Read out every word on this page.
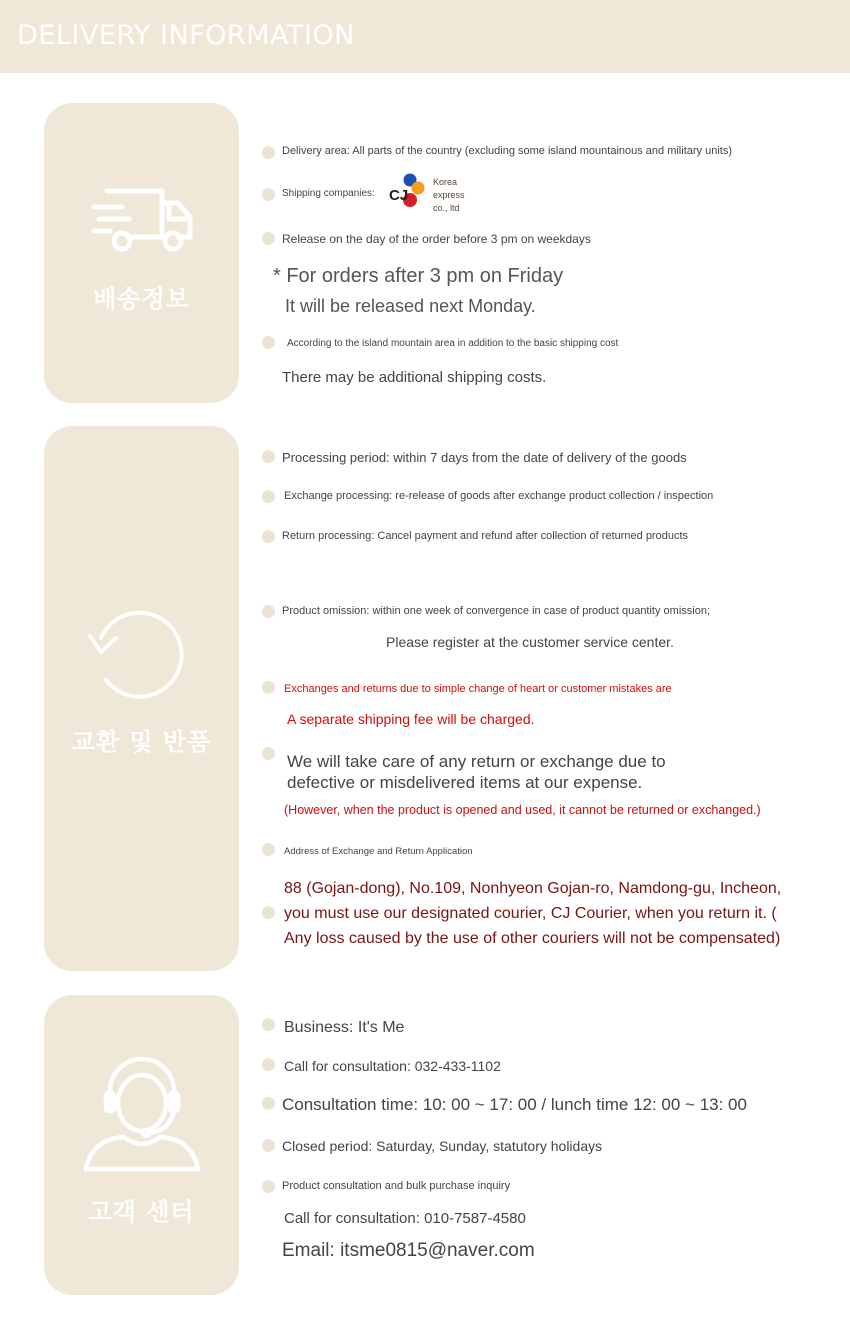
DELIVERY INFORMATION
배송정보
Delivery area: All parts of the country (excluding some island mountainous and military units)
Shipping companies: CJ
Korea
express
co., ltd
Release on the day of the order before 3 pm on weekdays
* For orders after 3 pm on Friday
It will be released next Monday.
According to the island mountain area in addition to the basic shipping cost
There may be additional shipping costs.
교환 및 반품
Processing period: within 7 days from the date of delivery of the goods
Exchange processing: re-release of goods after exchange product collection / inspection
Return processing: Cancel payment and refund after collection of returned products
Product omission: within one week of convergence in case of product quantity omission;
Please register at the customer service center.
Exchanges and returns due to simple change of heart or customer mistakes are
A separate shipping fee will be charged.
We will take care of any return or exchange due to
defective or misdelivered items at our expense.
(However, when the product is opened and used, it cannot be returned or exchanged.)
Address of Exchange and Return Application
88 (Gojan-dong), No.109, Nonhyeon Gojan-ro, Namdong-gu, Incheon,
you must use our designated courier, CJ Courier, when you return it. (
Any loss caused by the use of other couriers will not be compensated)
고객 센터
Business: It's Me
Call for consultation: 032-433-1102
Consultation time: 10: 00 ~ 17: 00 / lunch time 12: 00 ~ 13: 00
Closed period: Saturday, Sunday, statutory holidays
Product consultation and bulk purchase inquiry
Call for consultation: 010-7587-4580
Email: itsme0815@naver.com
